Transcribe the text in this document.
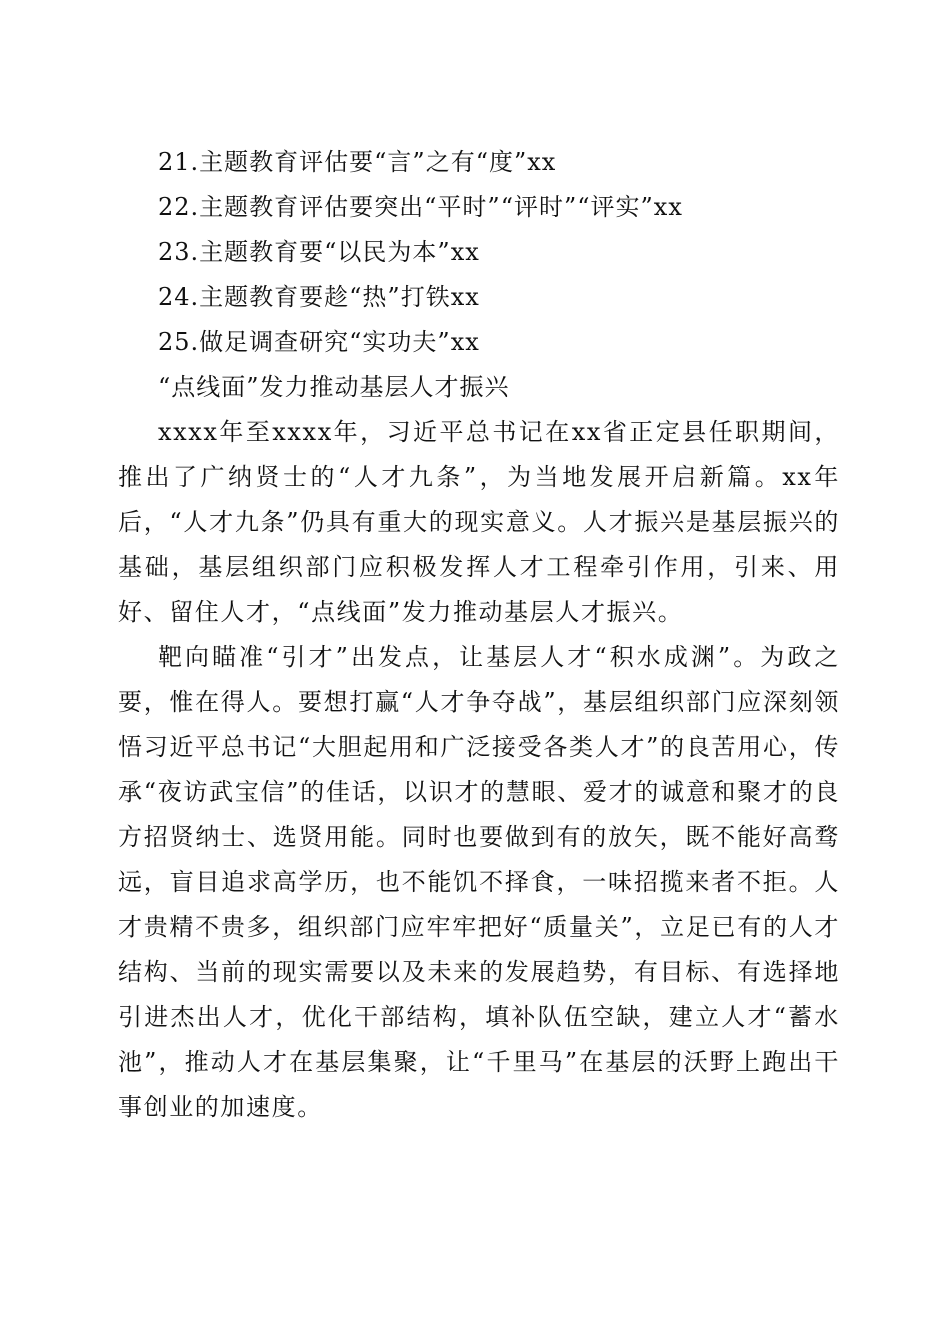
21.主题教育评估要“言”之有“度”xx
22.主题教育评估要突出“平时”“评时”“评实”xx
23.主题教育要“以民为本”xx
24.主题教育要趁“热”打铁xx
25.做足调查研究“实功夫”xx
“点线面”发力推动基层人才振兴

xxxx年至xxxx年，习近平总书记在xx省正定县任职期间，推出了广纳贤士的“人才九条”，为当地发展开启新篇。xx年后，“人才九条”仍具有重大的现实意义。人才振兴是基层振兴的基础，基层组织部门应积极发挥人才工程牵引作用，引来、用好、留住人才，“点线面”发力推动基层人才振兴。

靶向瞄准“引才”出发点，让基层人才“积水成渊”。为政之要，惟在得人。要想打赢“人才争夺战”，基层组织部门应深刻领悟习近平总书记“大胆起用和广泛接受各类人才”的良苦用心，传承“夜访武宝信”的佳话，以识才的慧眼、爱才的诚意和聚才的良方招贤纳士、选贤用能。同时也要做到有的放矢，既不能好高骛远，盲目追求高学历，也不能饥不择食，一味招揽来者不拒。人才贵精不贵多，组织部门应牢牢把好“质量关”，立足已有的人才结构、当前的现实需要以及未来的发展趋势，有目标、有选择地引进杰出人才，优化干部结构，填补队伍空缺，建立人才“蓄水池”，推动人才在基层集聚，让“千里马”在基层的沃野上跑出干事创业的加速度。
